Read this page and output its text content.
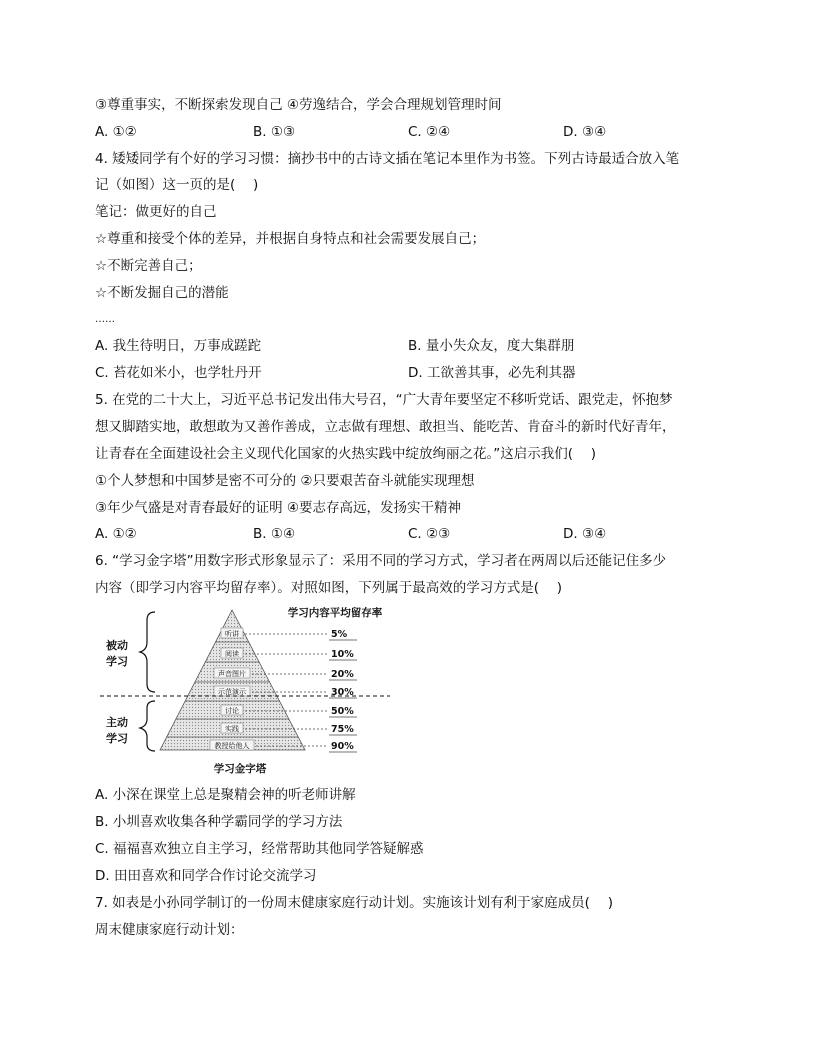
③尊重事实，不断探索发现自己 ④劳逸结合，学会合理规划管理时间
A. ①②	B. ①③	C. ②④	D. ③④
4. 矮矮同学有个好的学习习惯：摘抄书中的古诗文插在笔记本里作为书签。下列古诗最适合放入笔
记（如图）这一页的是(　 )
笔记：做更好的自己
☆尊重和接受个体的差异，并根据自身特点和社会需要发展自己；
☆不断完善自己；
☆不断发掘自己的潜能
……
A. 我生待明日，万事成蹉跎	B. 量小失众友，度大集群朋
C. 苔花如米小，也学牡丹开	D. 工欲善其事，必先利其器
5. 在党的二十大上，习近平总书记发出伟大号召，“广大青年要坚定不移听党话、跟党走，怀抱梦
想又脚踏实地，敢想敢为又善作善成，立志做有理想、敢担当、能吃苦、肯奋斗的新时代好青年，
让青春在全面建设社会主义现代化国家的火热实践中绽放绚丽之花。”这启示我们(　 )
①个人梦想和中国梦是密不可分的 ②只要艰苦奋斗就能实现理想
③年少气盛是对青春最好的证明 ④要志存高远，发扬实干精神
A. ①②	B. ①④	C. ②③	D. ③④
6. “学习金字塔”用数字形式形象显示了：采用不同的学习方式，学习者在两周以后还能记住多少
内容（即学习内容平均留存率）。对照如图，下列属于最高效的学习方式是(　 )
学习内容平均留存率
听讲	5%
阅读	10%
声音图片	20%
示范演示	30%
讨论	50%
实践	75%
教授给他人	90%
被动
学习
主动
学习
学习金字塔
A. 小深在课堂上总是聚精会神的听老师讲解
B. 小圳喜欢收集各种学霸同学的学习方法
C. 福福喜欢独立自主学习，经常帮助其他同学答疑解惑
D. 田田喜欢和同学合作讨论交流学习
7. 如表是小孙同学制订的一份周末健康家庭行动计划。实施该计划有利于家庭成员(　 )
周末健康家庭行动计划：
